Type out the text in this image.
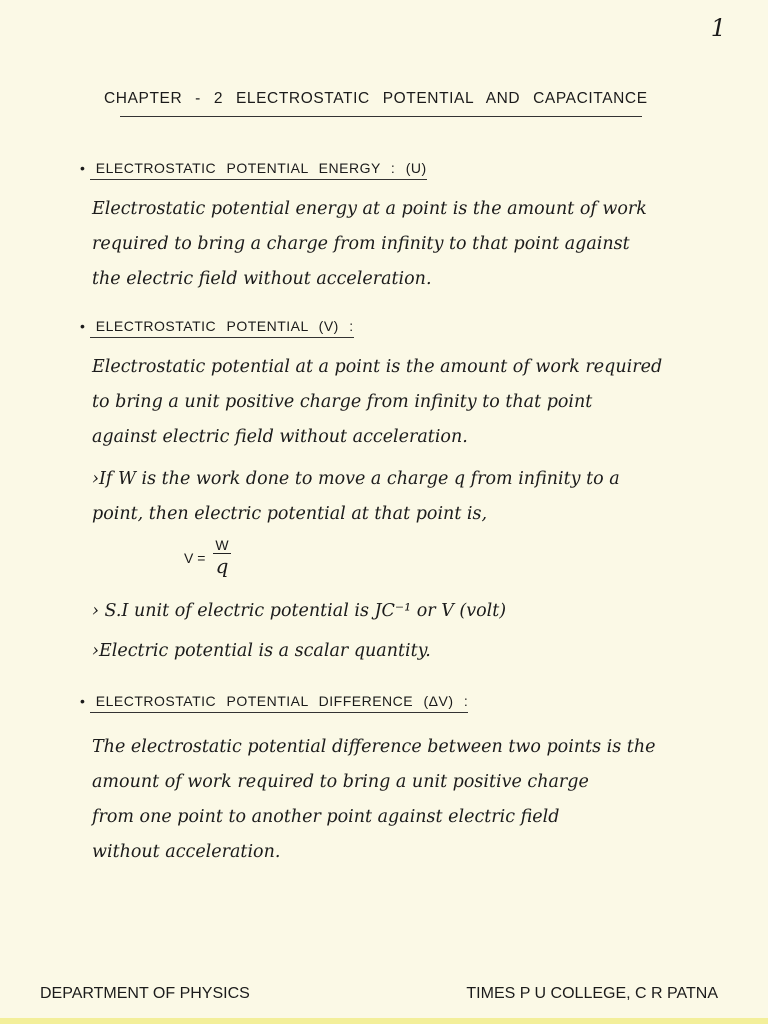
1
CHAPTER - 2 ELECTROSTATIC POTENTIAL AND CAPACITANCE
• ELECTROSTATIC POTENTIAL ENERGY : (U)
Electrostatic potential energy at a point is the amount of work
required to bring a charge from infinity to that point against
the electric field without acceleration.
• ELECTROSTATIC POTENTIAL (V) :
Electrostatic potential at a point is the amount of work required
to bring a unit positive charge from infinity to that point
against electric field without acceleration.
›If W is the work done to move a charge q from infinity to a
point, then electric potential at that point is,
$V = \frac{W}{q}$
› S.I unit of electric potential is JC⁻¹ or V (volt)
›Electric potential is a scalar quantity.
• ELECTROSTATIC POTENTIAL DIFFERENCE (ΔV) :
The electrostatic potential difference between two points is the
amount of work required to bring a unit positive charge
from one point to another point against electric field
without acceleration.
DEPARTMENT OF PHYSICS	TIMES P U COLLEGE, C R PATNA
